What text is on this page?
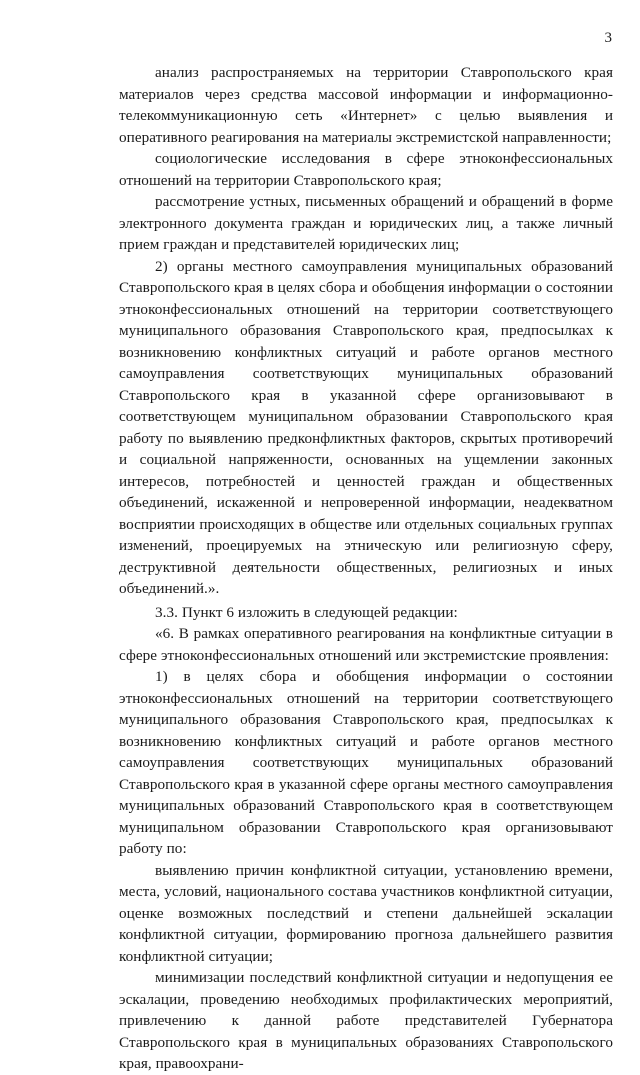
3

анализ распространяемых на территории Ставропольского края материалов через средства массовой информации и информационно-телекоммуникационную сеть «Интернет» с целью выявления и оперативного реагирования на материалы экстремистской направленности;

социологические исследования в сфере этноконфессиональных отношений на территории Ставропольского края;

рассмотрение устных, письменных обращений и обращений в форме электронного документа граждан и юридических лиц, а также личный прием граждан и представителей юридических лиц;

2) органы местного самоуправления муниципальных образований Ставропольского края в целях сбора и обобщения информации о состоянии этноконфессиональных отношений на территории соответствующего муниципального образования Ставропольского края, предпосылках к возникновению конфликтных ситуаций и работе органов местного самоуправления соответствующих муниципальных образований Ставропольского края в указанной сфере организовывают в соответствующем муниципальном образовании Ставропольского края работу по выявлению предконфликтных факторов, скрытых противоречий и социальной напряженности, основанных на ущемлении законных интересов, потребностей и ценностей граждан и общественных объединений, искаженной и непроверенной информации, неадекватном восприятии происходящих в обществе или отдельных социальных группах изменений, проецируемых на этническую или религиозную сферу, деструктивной деятельности общественных, религиозных и иных объединений.».

3.3. Пункт 6 изложить в следующей редакции:

«6. В рамках оперативного реагирования на конфликтные ситуации в сфере этноконфессиональных отношений или экстремистские проявления:

1) в целях сбора и обобщения информации о состоянии этноконфессиональных отношений на территории соответствующего муниципального образования Ставропольского края, предпосылках к возникновению конфликтных ситуаций и работе органов местного самоуправления соответствующих муниципальных образований Ставропольского края в указанной сфере органы местного самоуправления муниципальных образований Ставропольского края в соответствующем муниципальном образовании Ставропольского края организовывают работу по:

выявлению причин конфликтной ситуации, установлению времени, места, условий, национального состава участников конфликтной ситуации, оценке возможных последствий и степени дальнейшей эскалации конфликтной ситуации, формированию прогноза дальнейшего развития конфликтной ситуации;

минимизации последствий конфликтной ситуации и недопущения ее эскалации, проведению необходимых профилактических мероприятий, привлечению к данной работе представителей Губернатора Ставропольского края в муниципальных образованиях Ставропольского края, правоохрани-
